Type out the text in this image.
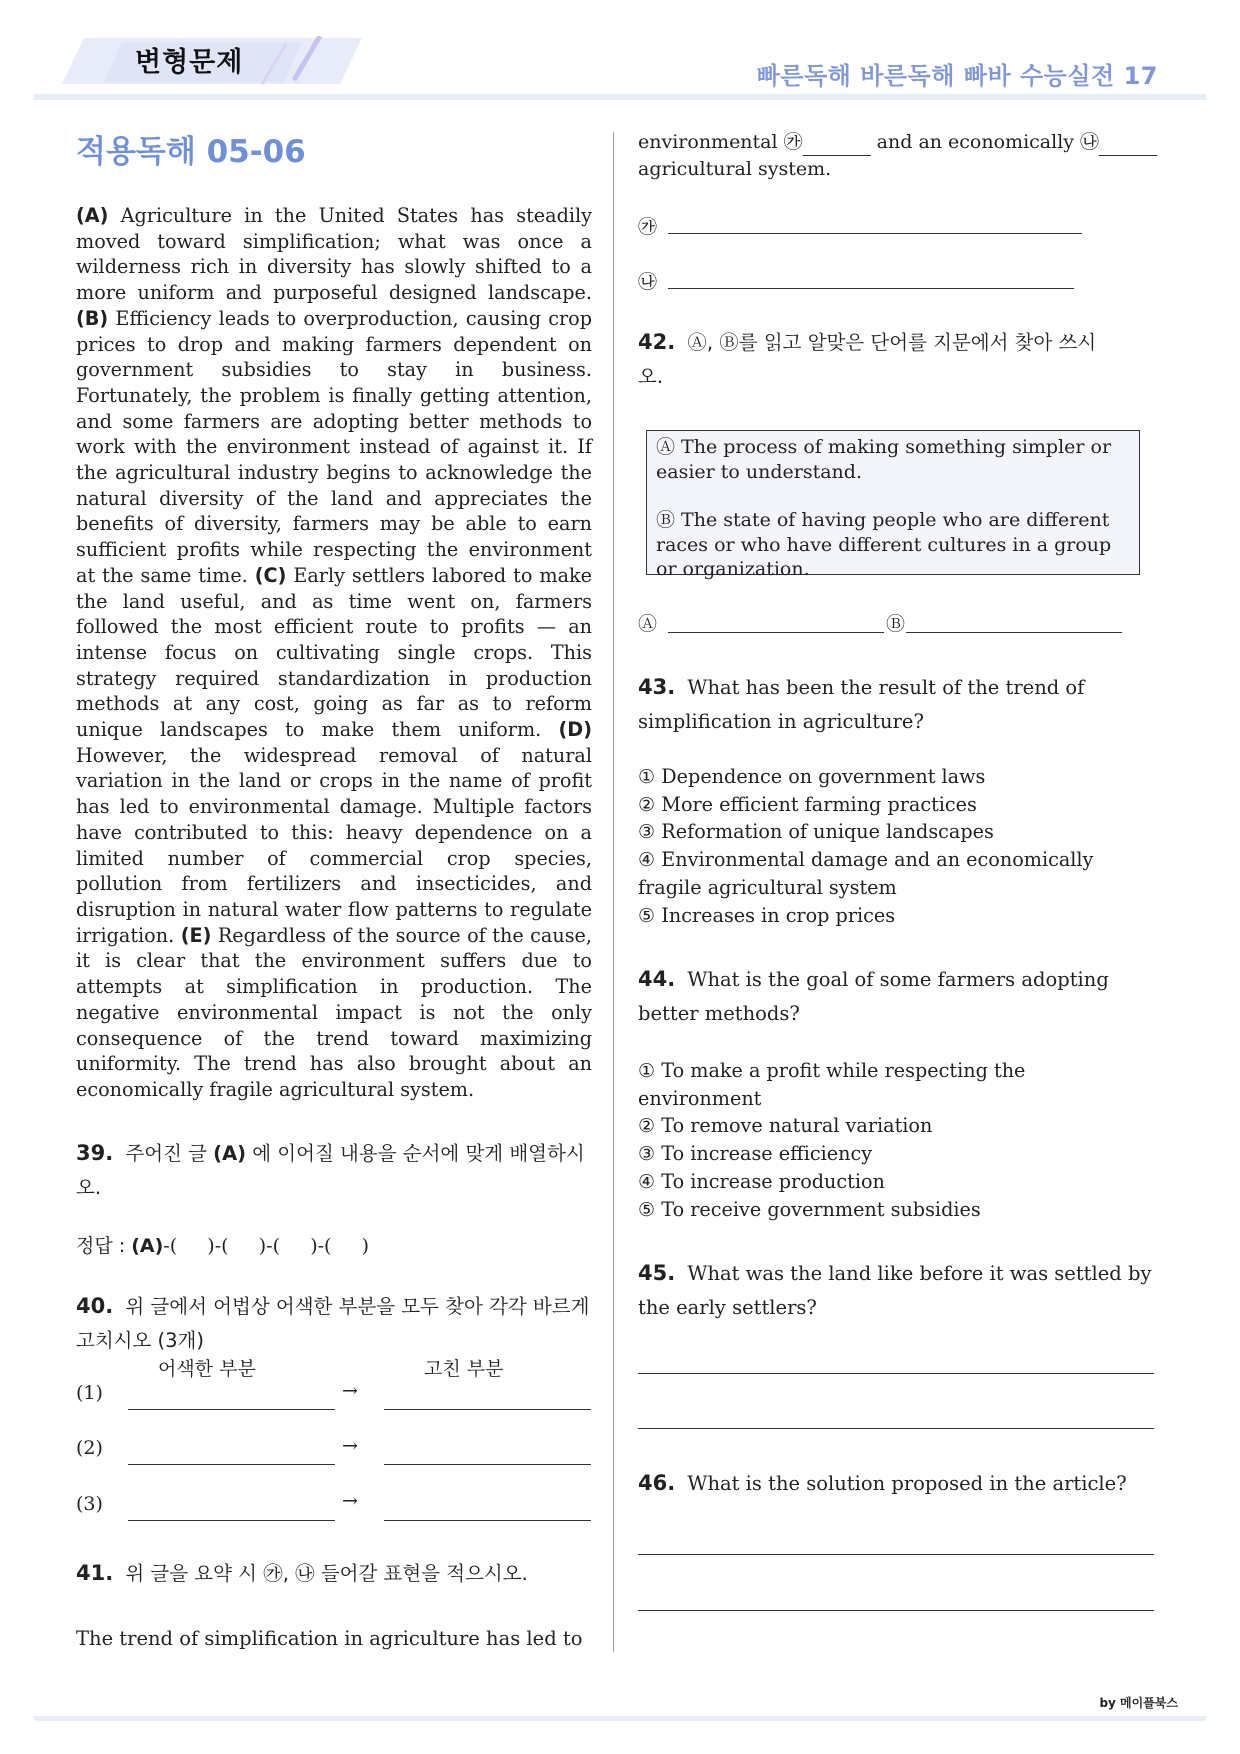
변형문제	빠른독해 바른독해 빠바 수능실전 17
적용독해 05-06
(A) Agriculture in the United States has steadily moved toward simplification; what was once a wilderness rich in diversity has slowly shifted to a more uniform and purposeful designed landscape. (B) Efficiency leads to overproduction, causing crop prices to drop and making farmers dependent on government subsidies to stay in business. Fortunately, the problem is finally getting attention, and some farmers are adopting better methods to work with the environment instead of against it. If the agricultural industry begins to acknowledge the natural diversity of the land and appreciates the benefits of diversity, farmers may be able to earn sufficient profits while respecting the environment at the same time. (C) Early settlers labored to make the land useful, and as time went on, farmers followed the most efficient route to profits — an intense focus on cultivating single crops. This strategy required standardization in production methods at any cost, going as far as to reform unique landscapes to make them uniform. (D) However, the widespread removal of natural variation in the land or crops in the name of profit has led to environmental damage. Multiple factors have contributed to this: heavy dependence on a limited number of commercial crop species, pollution from fertilizers and insecticides, and disruption in natural water flow patterns to regulate irrigation. (E) Regardless of the source of the cause, it is clear that the environment suffers due to attempts at simplification in production. The negative environmental impact is not the only consequence of the trend toward maximizing uniformity. The trend has also brought about an economically fragile agricultural system.
39. 주어진 글 (A) 에 이어질 내용을 순서에 맞게 배열하시오.
정답 : (A)-(     )-(     )-(     )-(     )
40. 위 글에서 어법상 어색한 부분을 모두 찾아 각각 바르게 고치시오 (3개)
어색한 부분	고친 부분
(1)	→
(2)	→
(3)	→
41. 위 글을 요약 시 ㉮, ㉯ 들어갈 표현을 적으시오.
The trend of simplification in agriculture has led to
environmental ㉮	and an economically ㉯
agricultural system.
㉮
㉯
42. Ⓐ, Ⓑ를 읽고 알맞은 단어를 지문에서 찾아 쓰시오.
Ⓐ The process of making something simpler or easier to understand.
Ⓑ The state of having people who are different races or who have different cultures in a group or organization.
Ⓐ	Ⓑ
43. What has been the result of the trend of simplification in agriculture?
① Dependence on government laws
② More efficient farming practices
③ Reformation of unique landscapes
④ Environmental damage and an economically fragile agricultural system
⑤ Increases in crop prices
44. What is the goal of some farmers adopting better methods?
① To make a profit while respecting the environment
② To remove natural variation
③ To increase efficiency
④ To increase production
⑤ To receive government subsidies
45. What was the land like before it was settled by the early settlers?
46. What is the solution proposed in the article?
by 메이플북스
